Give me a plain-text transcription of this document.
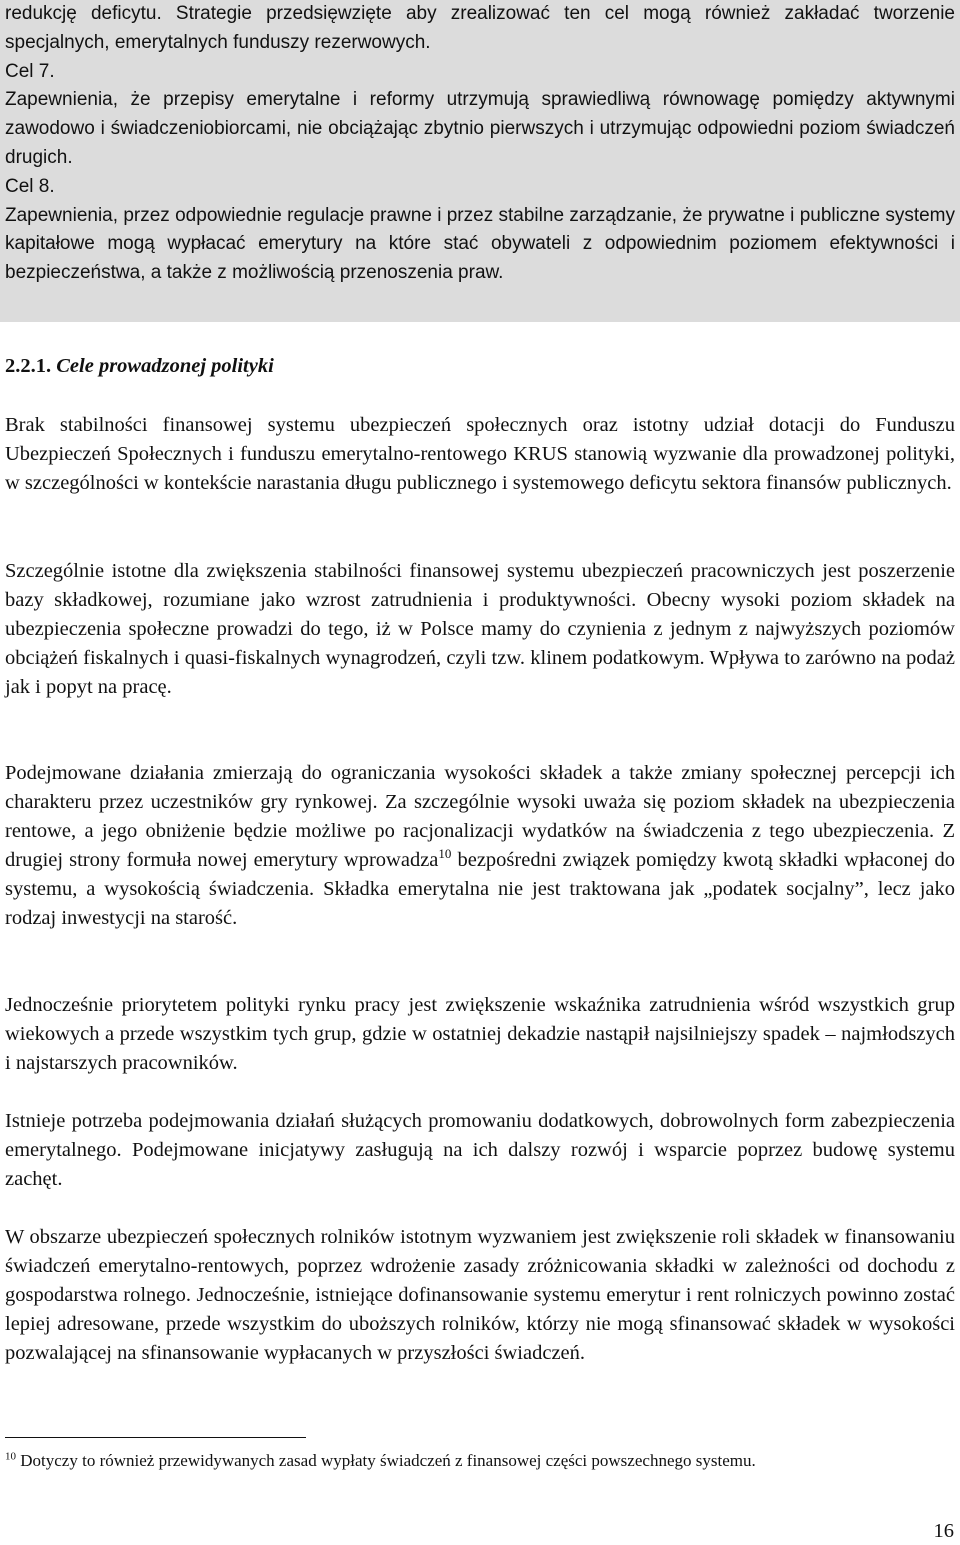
redukcję deficytu. Strategie przedsięwzięte aby zrealizować ten cel mogą również zakładać tworzenie specjalnych, emerytalnych funduszy rezerwowych.

Cel 7.

Zapewnienia, że przepisy emerytalne i reformy utrzymują sprawiedliwą równowagę pomiędzy aktywnymi zawodowo i świadczeniobiorcami, nie obciążając zbytnio pierwszych i utrzymując odpowiedni poziom świadczeń drugich.

Cel 8.

Zapewnienia, przez odpowiednie regulacje prawne i przez stabilne zarządzanie, że prywatne i publiczne systemy kapitałowe mogą wypłacać emerytury na które stać obywateli z odpowiednim poziomem efektywności i bezpieczeństwa, a także z możliwością przenoszenia praw.

2.2.1. Cele prowadzonej polityki

Brak stabilności finansowej systemu ubezpieczeń społecznych oraz istotny udział dotacji do Funduszu Ubezpieczeń Społecznych i funduszu emerytalno-rentowego KRUS stanowią wyzwanie dla prowadzonej polityki, w szczególności w kontekście narastania długu publicznego i systemowego deficytu sektora finansów publicznych.

Szczególnie istotne dla zwiększenia stabilności finansowej systemu ubezpieczeń pracowniczych jest poszerzenie bazy składkowej, rozumiane jako wzrost zatrudnienia i produktywności. Obecny wysoki poziom składek na ubezpieczenia społeczne prowadzi do tego, iż w Polsce mamy do czynienia z jednym z najwyższych poziomów obciążeń fiskalnych i quasi-fiskalnych wynagrodzeń, czyli tzw. klinem podatkowym. Wpływa to zarówno na podaż jak i popyt na pracę.

Podejmowane działania zmierzają do ograniczania wysokości składek a także zmiany społecznej percepcji ich charakteru przez uczestników gry rynkowej. Za szczególnie wysoki uważa się poziom składek na ubezpieczenia rentowe, a jego obniżenie będzie możliwe po racjonalizacji wydatków na świadczenia z tego ubezpieczenia. Z drugiej strony formuła nowej emerytury wprowadza$^{10}$ bezpośredni związek pomiędzy kwotą składki wpłaconej do systemu, a wysokością świadczenia. Składka emerytalna nie jest traktowana jak „podatek socjalny”, lecz jako rodzaj inwestycji na starość.

Jednocześnie priorytetem polityki rynku pracy jest zwiększenie wskaźnika zatrudnienia wśród wszystkich grup wiekowych a przede wszystkim tych grup, gdzie w ostatniej dekadzie nastąpił najsilniejszy spadek – najmłodszych i najstarszych pracowników.

Istnieje potrzeba podejmowania działań służących promowaniu dodatkowych, dobrowolnych form zabezpieczenia emerytalnego. Podejmowane inicjatywy zasługują na ich dalszy rozwój i wsparcie poprzez budowę systemu zachęt.

W obszarze ubezpieczeń społecznych rolników istotnym wyzwaniem jest zwiększenie roli składek w finansowaniu świadczeń emerytalno-rentowych, poprzez wdrożenie zasady zróżnicowania składki w zależności od dochodu z gospodarstwa rolnego. Jednocześnie, istniejące dofinansowanie systemu emerytur i rent rolniczych powinno zostać lepiej adresowane, przede wszystkim do uboższych rolników, którzy nie mogą sfinansować składek w wysokości pozwalającej na sfinansowanie wypłacanych w przyszłości świadczeń.

$^{10}$ Dotyczy to również przewidywanych zasad wypłaty świadczeń z finansowej części powszechnego systemu.

16
